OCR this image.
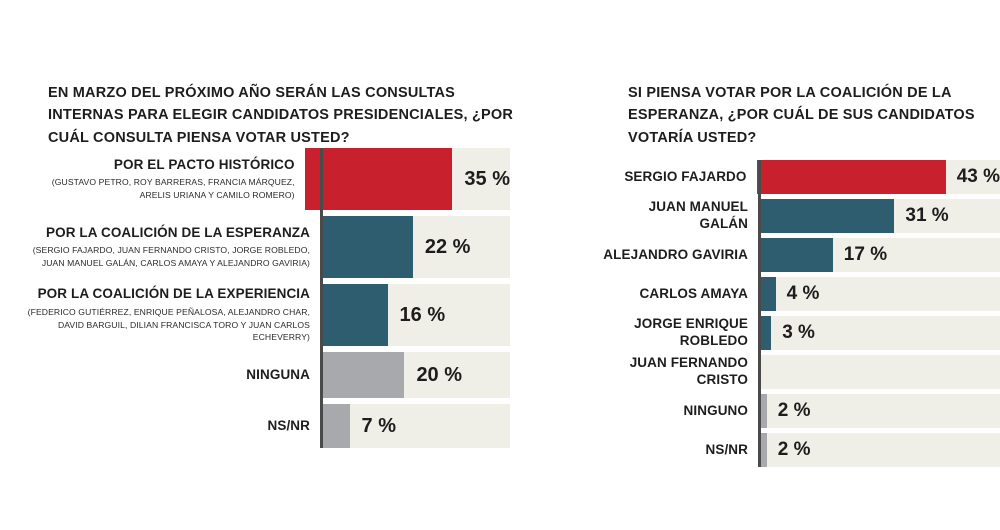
EN MARZO DEL PRÓXIMO AÑO SERÁN LAS CONSULTAS INTERNAS PARA ELEGIR CANDIDATOS PRESIDENCIALES, ¿POR CUÁL CONSULTA PIENSA VOTAR USTED?
POR EL PACTO HISTÓRICO
(GUSTAVO PETRO, ROY BARRERAS, FRANCIA MÁRQUEZ, ARELIS URIANA Y CAMILO ROMERO)
35 %
POR LA COALICIÓN DE LA ESPERANZA
(SERGIO FAJARDO, JUAN FERNANDO CRISTO, JORGE ROBLEDO, JUAN MANUEL GALÁN, CARLOS AMAYA Y ALEJANDRO GAVIRIA)
22 %
POR LA COALICIÓN DE LA EXPERIENCIA
(FEDERICO GUTIÉRREZ, ENRIQUE PEÑALOSA, ALEJANDRO CHAR, DAVID BARGUIL, DILIAN FRANCISCA TORO Y JUAN CARLOS ECHEVERRY)
16 %
NINGUNA	20 %
NS/NR	7 %
SI PIENSA VOTAR POR LA COALICIÓN DE LA ESPERANZA, ¿POR CUÁL DE SUS CANDIDATOS VOTARÍA USTED?
SERGIO FAJARDO	43 %
JUAN MANUEL GALÁN	31 %
ALEJANDRO GAVIRIA	17 %
CARLOS AMAYA	4 %
JORGE ENRIQUE ROBLEDO	3 %
JUAN FERNANDO CRISTO
NINGUNO	2 %
NS/NR	2 %
